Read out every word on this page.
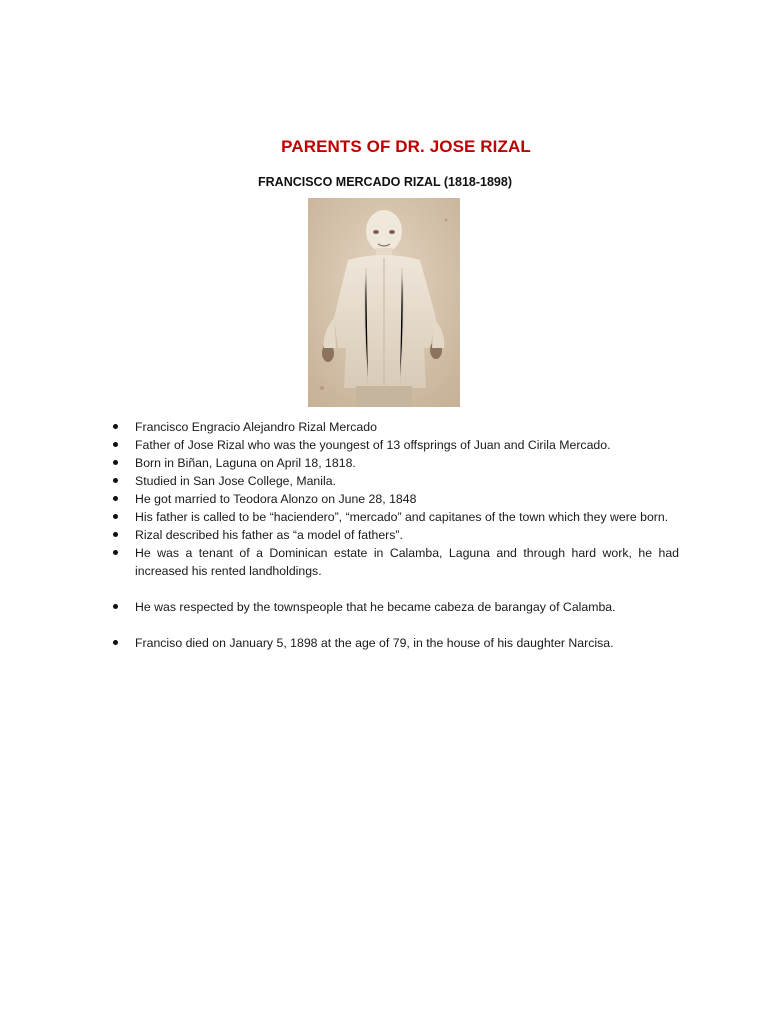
PARENTS OF DR. JOSE RIZAL
FRANCISCO MERCADO RIZAL (1818-1898)
Francisco Engracio Alejandro Rizal Mercado
Father of Jose Rizal who was the youngest of 13 offsprings of Juan and Cirila Mercado.
Born in Biñan, Laguna on April 18, 1818.
Studied in San Jose College, Manila.
He got married to Teodora Alonzo on June 28, 1848
His father is called to be “haciendero”, “mercado” and capitanes of the town which they were born.
Rizal described his father as “a model of fathers”.
He was a tenant of a Dominican estate in Calamba, Laguna and through hard work, he had increased his rented landholdings.
He was respected by the townspeople that he became cabeza de barangay of Calamba.
Franciso died on January 5, 1898 at the age of 79, in the house of his daughter Narcisa.
